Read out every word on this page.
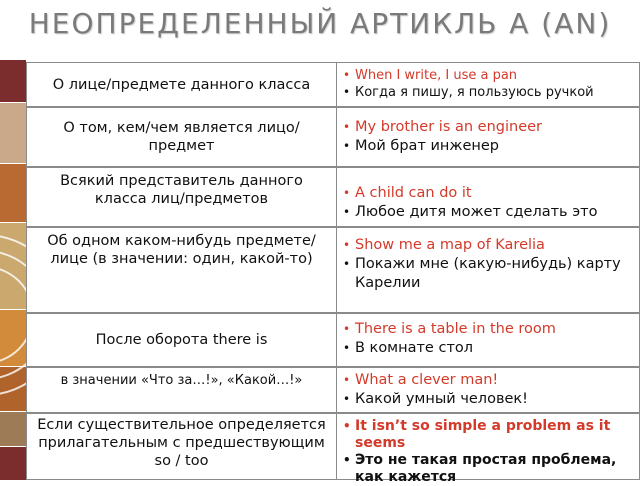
НЕОПРЕДЕЛЕННЫЙ АРТИКЛЬ A (AN)
О лице/предмете данного класса
• When I write, I use a pan
• Когда я пишу, я пользуюсь ручкой
О том, кем/чем является лицо/предмет
• My brother is an engineer
• Мой брат инженер
Всякий представитель данного класса лиц/предметов	• A child can do it
• Любое дитя может сделать это
Об одном каком-нибудь предмете/лице (в значении: один, какой-то)
• Show me a map of Karelia
• Покажи мне (какую-нибудь) карту Карелии
После оборота there is
• There is a table in the room
• В комнате стол
в значении «Что за…!», «Какой…!»	• What a clever man!
• Какой умный человек!
Если существительное определяется прилагательным с предшествующим so / too
• It isn’t so simple a problem as it seems
• Это не такая простая проблема, как кажется
